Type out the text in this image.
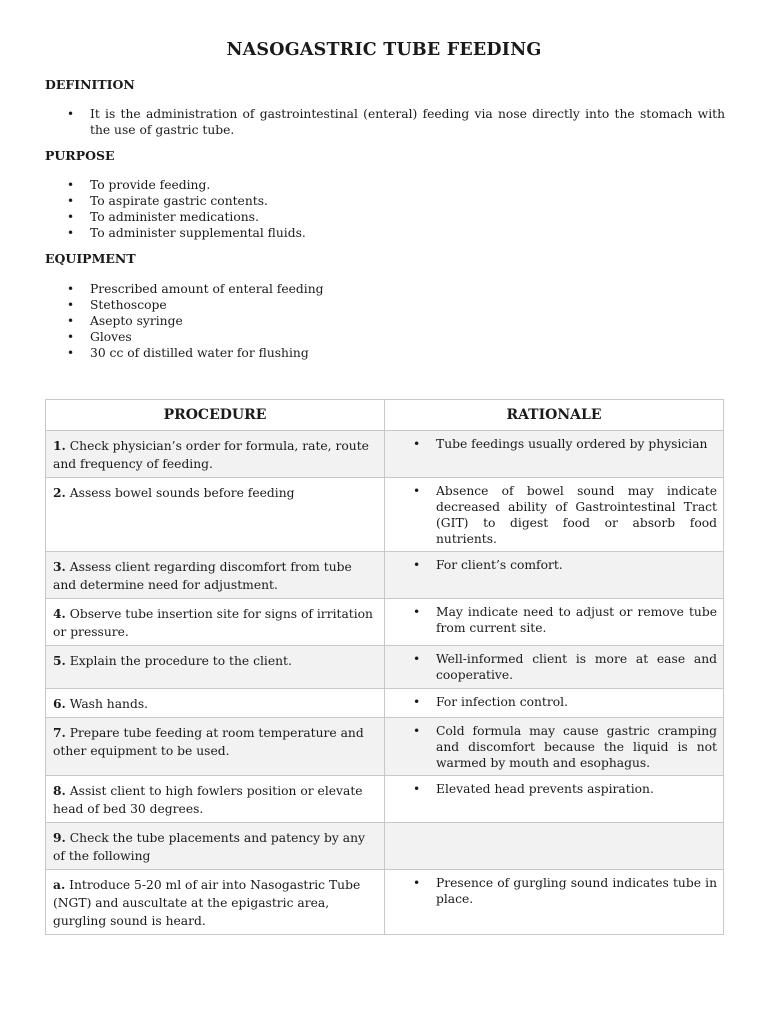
NASOGASTRIC TUBE FEEDING
DEFINITION
• It is the administration of gastrointestinal (enteral) feeding via nose directly into the stomach with the use of gastric tube.
PURPOSE
• To provide feeding.
• To aspirate gastric contents.
• To administer medications.
• To administer supplemental fluids.
EQUIPMENT
• Prescribed amount of enteral feeding
• Stethoscope
• Asepto syringe
• Gloves
• 30 cc of distilled water for flushing
PROCEDURE	RATIONALE
1. Check physician’s order for formula, rate, route and frequency of feeding.	• Tube feedings usually ordered by physician

2. Assess bowel sounds before feeding	• Absence of bowel sound may indicate decreased ability of Gastrointestinal Tract (GIT) to digest food or absorb food nutrients.

3. Assess client regarding discomfort from tube and determine need for adjustment.	• For client’s comfort.

4. Observe tube insertion site for signs of irritation or pressure.	• May indicate need to adjust or remove tube from current site.

5. Explain the procedure to the client.	• Well-informed client is more at ease and cooperative.

6. Wash hands.	• For infection control.

7. Prepare tube feeding at room temperature and other equipment to be used.	• Cold formula may cause gastric cramping and discomfort because the liquid is not warmed by mouth and esophagus.

8. Assist client to high fowlers position or elevate head of bed 30 degrees.	• Elevated head prevents aspiration.

9. Check the tube placements and patency by any of the following	
a. Introduce 5-20 ml of air into Nasogastric Tube (NGT) and auscultate at the epigastric area, gurgling sound is heard.	• Presence of gurgling sound indicates tube in place.
